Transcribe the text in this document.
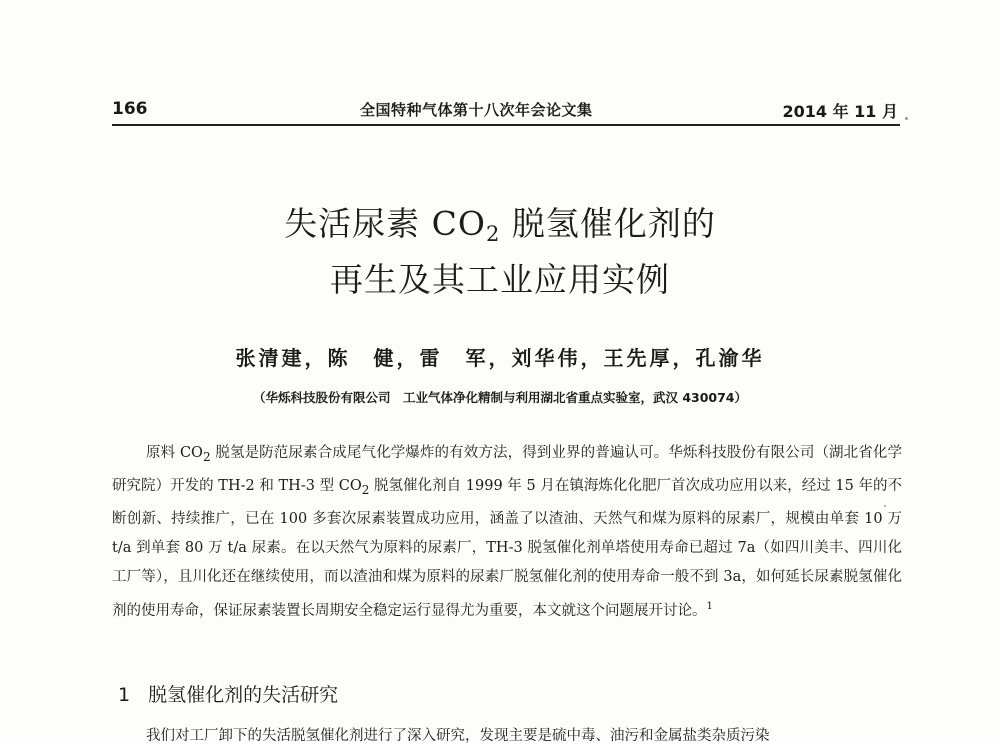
166	全国特种气体第十八次年会论文集	2014 年 11 月
失活尿素 $CO_2$ 脱氢催化剂的
再生及其工业应用实例
张清建，陈　健，雷　军，刘华伟，王先厚，孔渝华
（华烁科技股份有限公司　工业气体净化精制与利用湖北省重点实验室，武汉 430074）

原料 $CO_2$ 脱氢是防范尿素合成尾气化学爆炸的有效方法，得到业界的普遍认可。华烁科技股份有限公司（湖北省化学研究院）开发的 TH-2 和 TH-3 型 $CO_2$ 脱氢催化剂自 1999 年 5 月在镇海炼化化肥厂首次成功应用以来，经过 15 年的不断创新、持续推广，已在 100 多套次尿素装置成功应用，涵盖了以渣油、天然气和煤为原料的尿素厂，规模由单套 10 万 t/a 到单套 80 万 t/a 尿素。在以天然气为原料的尿素厂，TH-3 脱氢催化剂单塔使用寿命已超过 7a（如四川美丰、四川化工厂等），且川化还在继续使用，而以渣油和煤为原料的尿素厂脱氢催化剂的使用寿命一般不到 3a，如何延长尿素脱氢催化剂的使用寿命，保证尿素装置长周期安全稳定运行显得尤为重要，本文就这个问题展开讨论。$^1$

1 脱氢催化剂的失活研究
我们对工厂卸下的失活脱氢催化剂进行了深入研究，发现主要是硫中毒、油污和金属盐类杂质污染
